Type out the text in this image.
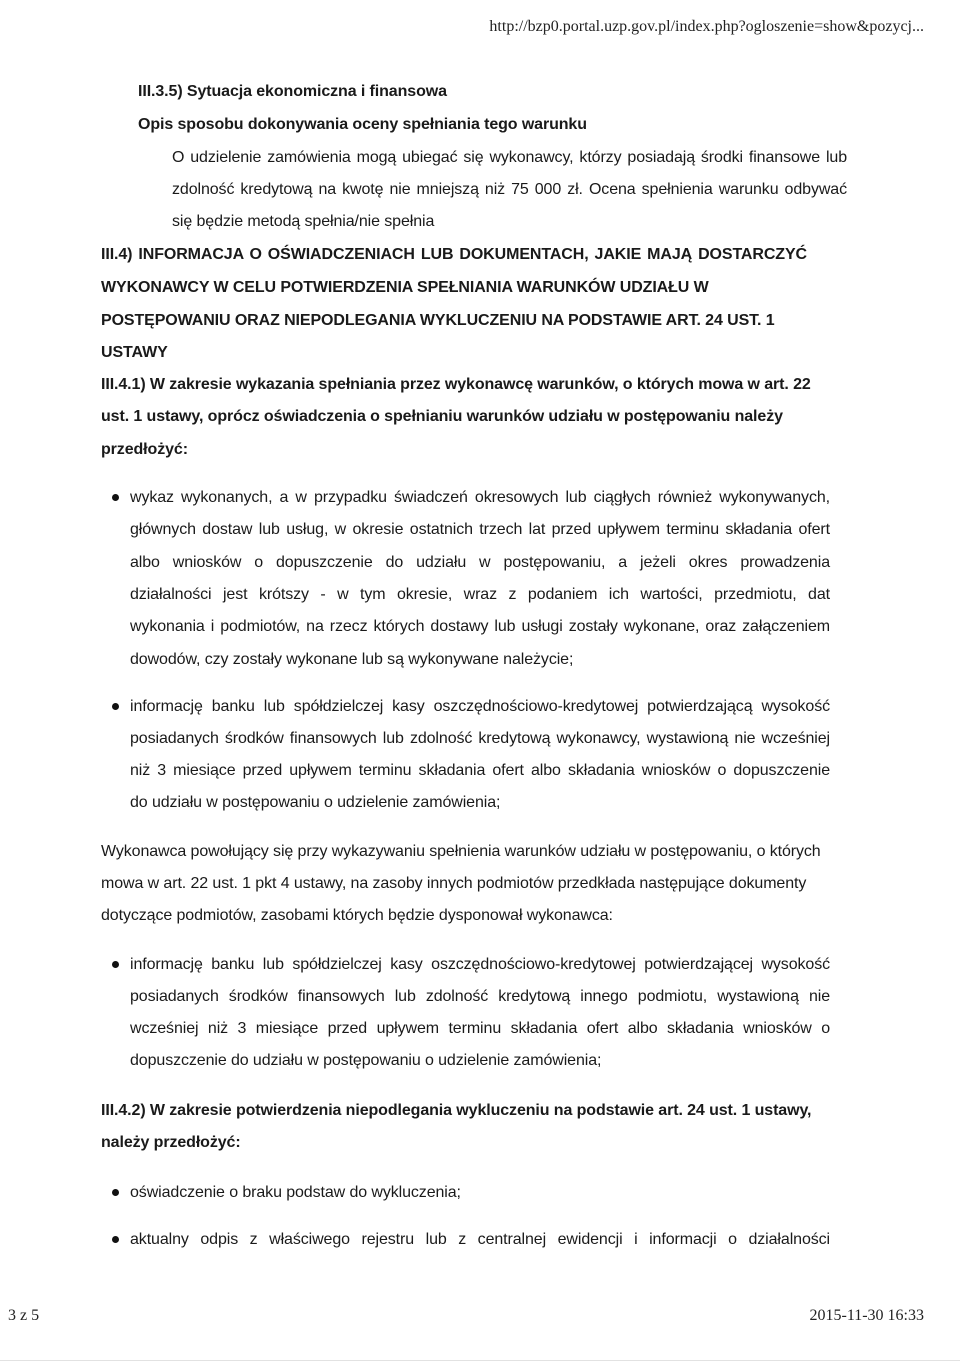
http://bzp0.portal.uzp.gov.pl/index.php?ogloszenie=show&pozycj...
III.3.5) Sytuacja ekonomiczna i finansowa
Opis sposobu dokonywania oceny spełniania tego warunku
O udzielenie zamówienia mogą ubiegać się wykonawcy, którzy posiadają środki finansowe lub
zdolność kredytową na kwotę nie mniejszą niż 75 000 zł. Ocena spełnienia warunku odbywać
się będzie metodą spełnia/nie spełnia
III.4) INFORMACJA O OŚWIADCZENIACH LUB DOKUMENTACH, JAKIE MAJĄ DOSTARCZYĆ
WYKONAWCY W CELU POTWIERDZENIA SPEŁNIANIA WARUNKÓW UDZIAŁU W
POSTĘPOWANIU ORAZ NIEPODLEGANIA WYKLUCZENIU NA PODSTAWIE ART. 24 UST. 1
USTAWY
III.4.1) W zakresie wykazania spełniania przez wykonawcę warunków, o których mowa w art. 22
ust. 1 ustawy, oprócz oświadczenia o spełnianiu warunków udziału w postępowaniu należy
przedłożyć:
wykaz wykonanych, a w przypadku świadczeń okresowych lub ciągłych również wykonywanych,
głównych dostaw lub usług, w okresie ostatnich trzech lat przed upływem terminu składania ofert
albo wniosków o dopuszczenie do udziału w postępowaniu, a jeżeli okres prowadzenia
działalności jest krótszy - w tym okresie, wraz z podaniem ich wartości, przedmiotu, dat
wykonania i podmiotów, na rzecz których dostawy lub usługi zostały wykonane, oraz załączeniem
dowodów, czy zostały wykonane lub są wykonywane należycie;
informację banku lub spółdzielczej kasy oszczędnościowo-kredytowej potwierdzającą wysokość
posiadanych środków finansowych lub zdolność kredytową wykonawcy, wystawioną nie wcześniej
niż 3 miesiące przed upływem terminu składania ofert albo składania wniosków o dopuszczenie
do udziału w postępowaniu o udzielenie zamówienia;
Wykonawca powołujący się przy wykazywaniu spełnienia warunków udziału w postępowaniu, o których
mowa w art. 22 ust. 1 pkt 4 ustawy, na zasoby innych podmiotów przedkłada następujące dokumenty
dotyczące podmiotów, zasobami których będzie dysponował wykonawca:
informację banku lub spółdzielczej kasy oszczędnościowo-kredytowej potwierdzającej wysokość
posiadanych środków finansowych lub zdolność kredytową innego podmiotu, wystawioną nie
wcześniej niż 3 miesiące przed upływem terminu składania ofert albo składania wniosków o
dopuszczenie do udziału w postępowaniu o udzielenie zamówienia;
III.4.2) W zakresie potwierdzenia niepodlegania wykluczeniu na podstawie art. 24 ust. 1 ustawy,
należy przedłożyć:
oświadczenie o braku podstaw do wykluczenia;
aktualny odpis z właściwego rejestru lub z centralnej ewidencji i informacji o działalności
3 z 5	2015-11-30 16:33
